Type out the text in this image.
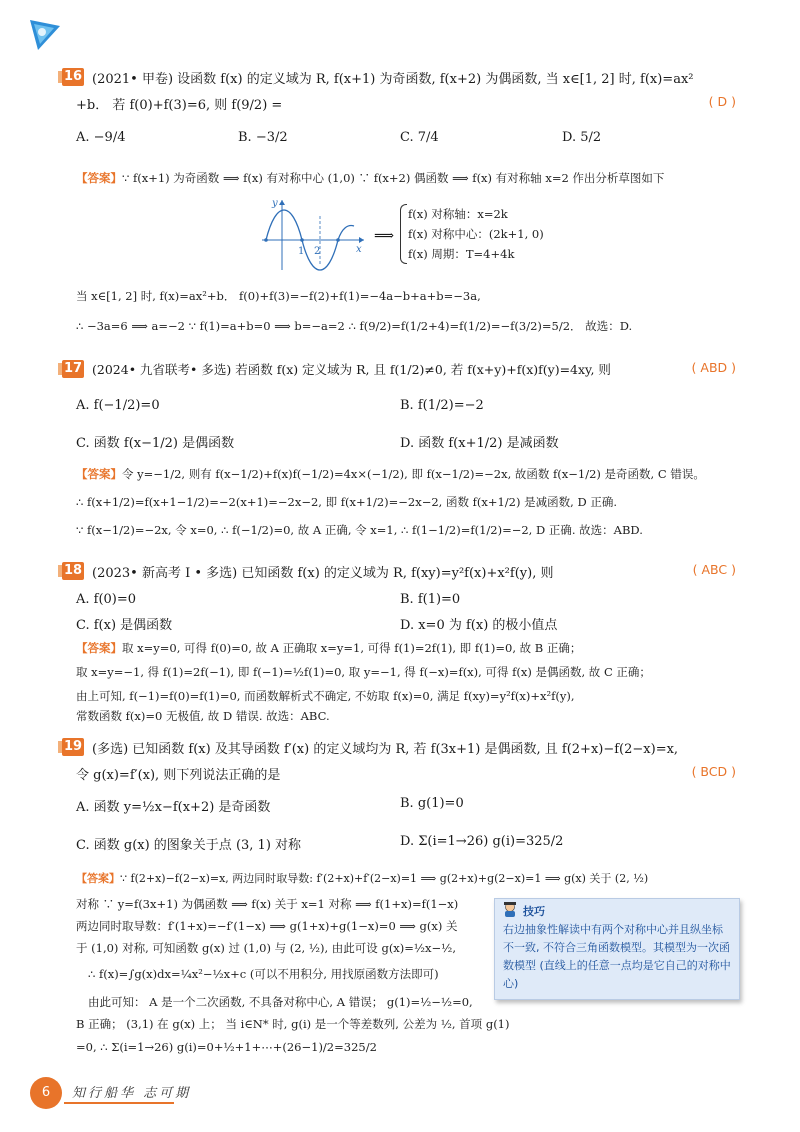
16 (2021• 甲卷) 设函数 f(x) 的定义域为 R, f(x+1) 为奇函数, f(x+2) 为偶函数, 当 x∈[1, 2] 时, f(x)=ax²
+b． 若 f(0)+f(3)=6, 则 f(9/2) =	( D )
A. −9/4	B. −3/2	C. 7/4	D. 5/2
【答案】∵ f(x+1) 为奇函数 ⟹ f(x) 有对称中心 (1,0) ∵ f(x+2) 偶函数 ⟹ f(x) 有对称轴 x=2 作出分析草图如下
y
x
1 2
⟹
f(x) 对称轴：x=2k
f(x) 对称中心：(2k+1, 0)
f(x) 周期：T=4+4k
当 x∈[1, 2] 时, f(x)=ax²+b． f(0)+f(3)=−f(2)+f(1)=−4a−b+a+b=−3a,
∴ −3a=6 ⟹ a=−2 ∵ f(1)=a+b=0 ⟹ b=−a=2 ∴ f(9/2)=f(1/2+4)=f(1/2)=−f(3/2)=5/2． 故选：D.
17 (2024• 九省联考• 多选) 若函数 f(x) 定义域为 R, 且 f(1/2)≠0, 若 f(x+y)+f(x)f(y)=4xy, 则	( ABD )
A. f(−1/2)=0	B. f(1/2)=−2
C. 函数 f(x−1/2) 是偶函数	D. 函数 f(x+1/2) 是减函数
【答案】令 y=−1/2, 则有 f(x−1/2)+f(x)f(−1/2)=4x×(−1/2), 即 f(x−1/2)=−2x, 故函数 f(x−1/2) 是奇函数, C 错误。
∴ f(x+1/2)=f(x+1−1/2)=−2(x+1)=−2x−2, 即 f(x+1/2)=−2x−2, 函数 f(x+1/2) 是减函数, D 正确.
∵ f(x−1/2)=−2x, 令 x=0, ∴ f(−1/2)=0, 故 A 正确, 令 x=1, ∴ f(1−1/2)=f(1/2)=−2, D 正确. 故选：ABD.
18 (2023• 新高考 Ⅰ • 多选) 已知函数 f(x) 的定义域为 R, f(xy)=y²f(x)+x²f(y), 则	( ABC )
A. f(0)=0	B. f(1)=0
C. f(x) 是偶函数	D. x=0 为 f(x) 的极小值点
【答案】取 x=y=0, 可得 f(0)=0, 故 A 正确取 x=y=1, 可得 f(1)=2f(1), 即 f(1)=0, 故 B 正确；
取 x=y=−1, 得 f(1)=2f(−1), 即 f(−1)=½f(1)=0, 取 y=−1, 得 f(−x)=f(x), 可得 f(x) 是偶函数, 故 C 正确；
由上可知, f(−1)=f(0)=f(1)=0, 而函数解析式不确定, 不妨取 f(x)=0, 满足 f(xy)=y²f(x)+x²f(y),
常数函数 f(x)=0 无极值, 故 D 错误. 故选：ABC.
19 (多选) 已知函数 f(x) 及其导函数 f′(x) 的定义域均为 R, 若 f(3x+1) 是偶函数, 且 f(2+x)−f(2−x)=x,
令 g(x)=f′(x), 则下列说法正确的是	( BCD )
A. 函数 y=½x−f(x+2) 是奇函数	B. g(1)=0
C. 函数 g(x) 的图象关于点 (3, 1) 对称	D. Σ(i=1→26) g(i)=325/2
【答案】∵ f(2+x)−f(2−x)=x, 两边同时取导数: f′(2+x)+f′(2−x)=1 ⟹ g(2+x)+g(2−x)=1 ⟹ g(x) 关于 (2, ½)
对称 ∵ y=f(3x+1) 为偶函数 ⟹ f(x) 关于 x=1 对称 ⟹ f(1+x)=f(1−x)
两边同时取导数：f′(1+x)=−f′(1−x) ⟹ g(1+x)+g(1−x)=0 ⟹ g(x) 关
于 (1,0) 对称, 可知函数 g(x) 过 (1,0) 与 (2, ½), 由此可设 g(x)=½x−½,
∴ f(x)=∫g(x)dx=¼x²−½x+c (可以不用积分, 用找原函数方法即可)
由此可知： A 是一个二次函数, 不具备对称中心, A 错误； g(1)=½−½=0,
B 正确； (3,1) 在 g(x) 上； 当 i∈N* 时, g(i) 是一个等差数列, 公差为 ½, 首项 g(1)
=0, ∴ Σ(i=1→26) g(i)=0+½+1+⋯+(26−1)/2=325/2
技巧
右边抽象性解读中有两个对称中心并且纵坐标不一致, 不符合三角函数模型。其模型为一次函数模型 (直线上的任意一点均是它自己的对称中心)
6	知行船华 志可期
